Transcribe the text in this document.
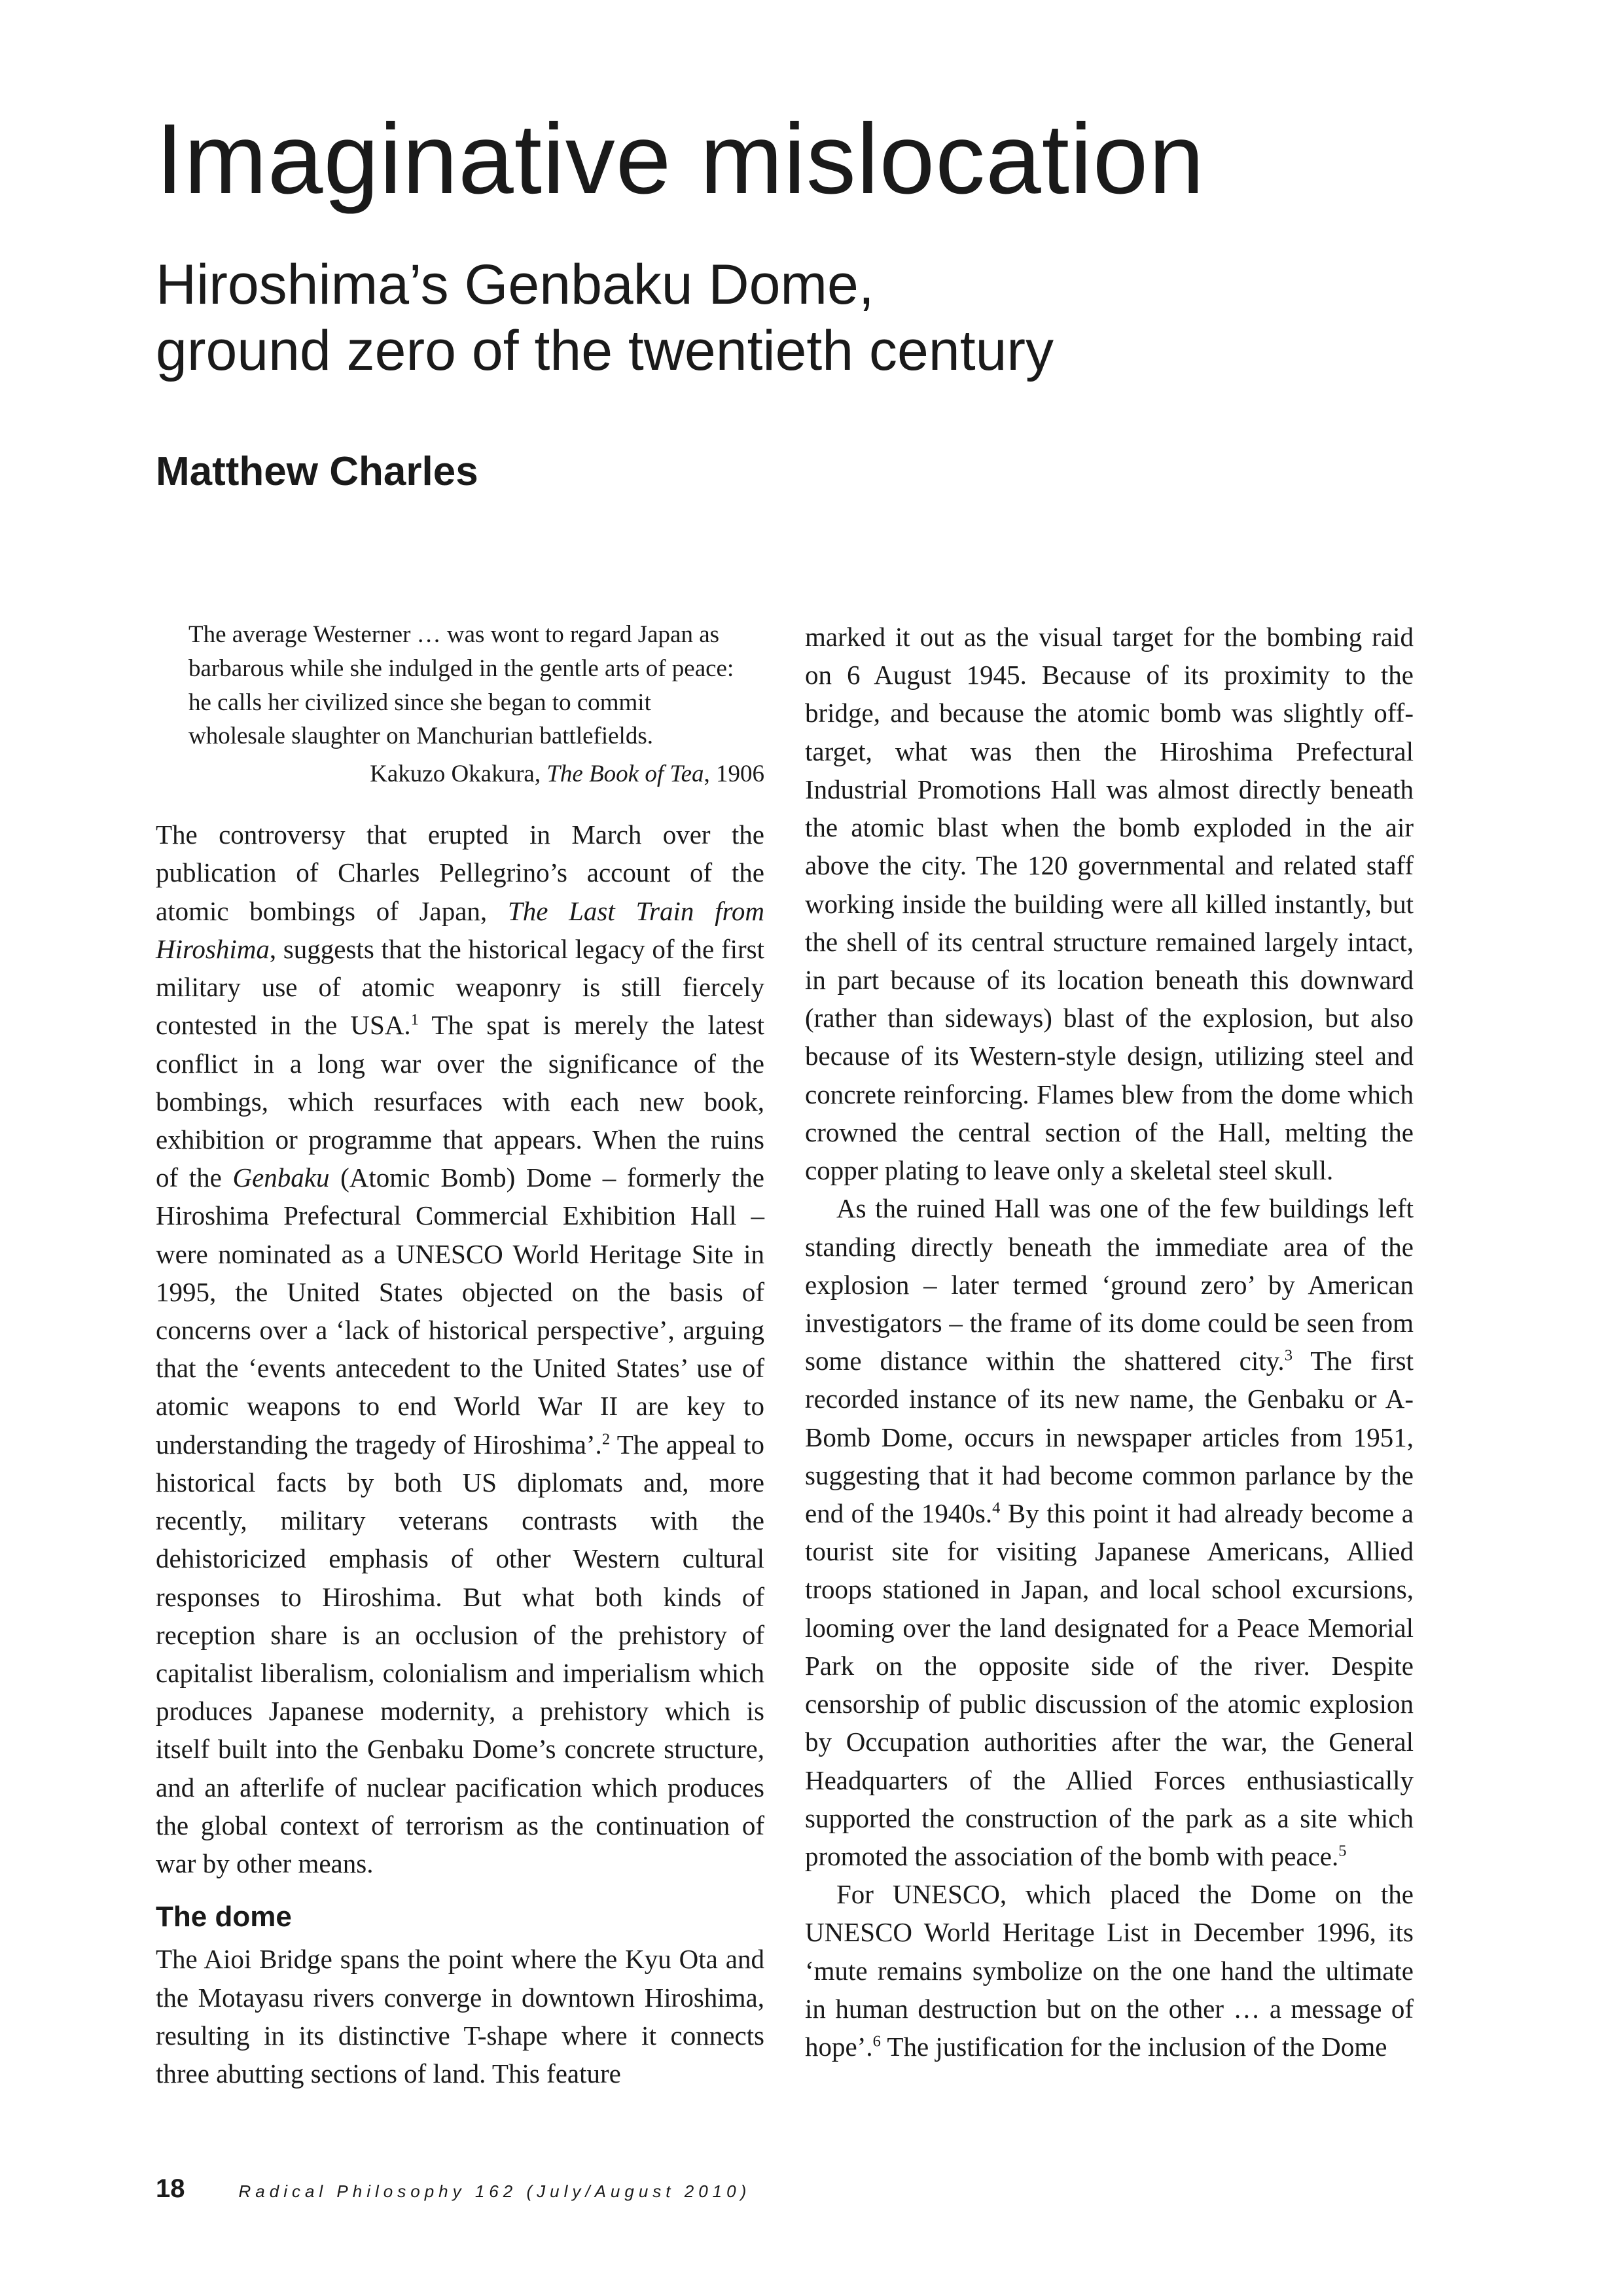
Imaginative mislocation
Hiroshima’s Genbaku Dome,
ground zero of the twentieth century
Matthew Charles

The average Westerner … was wont to regard Japan as barbarous while she indulged in the gentle arts of peace: he calls her civilized since she began to commit wholesale slaughter on Manchurian battlefields.

Kakuzo Okakura, The Book of Tea, 1906

The controversy that erupted in March over the publication of Charles Pellegrino’s account of the atomic bombings of Japan, The Last Train from Hiroshima, suggests that the historical legacy of the first military use of atomic weaponry is still fiercely contested in the USA.$^1$ The spat is merely the latest conflict in a long war over the significance of the bombings, which resurfaces with each new book, exhibition or programme that appears. When the ruins of the Genbaku (Atomic Bomb) Dome – formerly the Hiroshima Prefectural Commercial Exhibition Hall – were nominated as a UNESCO World Heritage Site in 1995, the United States objected on the basis of concerns over a ‘lack of historical perspective’, arguing that the ‘events antecedent to the United States’ use of atomic weapons to end World War II are key to understanding the tragedy of Hiroshima’.$^2$ The appeal to historical facts by both US diplomats and, more recently, military veterans contrasts with the dehistoricized emphasis of other Western cultural responses to Hiroshima. But what both kinds of reception share is an occlusion of the prehistory of capitalist liberalism, colonialism and imperialism which produces Japanese modernity, a prehistory which is itself built into the Genbaku Dome’s concrete structure, and an afterlife of nuclear pacification which produces the global context of terrorism as the continuation of war by other means.

The dome

The Aioi Bridge spans the point where the Kyu Ota and the Motayasu rivers converge in downtown Hiroshima, resulting in its distinctive T-shape where it connects three abutting sections of land. This feature

marked it out as the visual target for the bombing raid on 6 August 1945. Because of its proximity to the bridge, and because the atomic bomb was slightly off-target, what was then the Hiroshima Prefectural Industrial Promotions Hall was almost directly beneath the atomic blast when the bomb exploded in the air above the city. The 120 governmental and related staff working inside the building were all killed instantly, but the shell of its central structure remained largely intact, in part because of its location beneath this downward (rather than sideways) blast of the explosion, but also because of its Western-style design, utilizing steel and concrete reinforcing. Flames blew from the dome which crowned the central section of the Hall, melting the copper plating to leave only a skeletal steel skull.

As the ruined Hall was one of the few buildings left standing directly beneath the immediate area of the explosion – later termed ‘ground zero’ by American investigators – the frame of its dome could be seen from some distance within the shattered city.$^3$ The first recorded instance of its new name, the Genbaku or A-Bomb Dome, occurs in newspaper articles from 1951, suggesting that it had become common parlance by the end of the 1940s.$^4$ By this point it had already become a tourist site for visiting Japanese Americans, Allied troops stationed in Japan, and local school excursions, looming over the land designated for a Peace Memorial Park on the opposite side of the river. Despite censorship of public discussion of the atomic explosion by Occupation authorities after the war, the General Headquarters of the Allied Forces enthusiastically supported the construction of the park as a site which promoted the association of the bomb with peace.$^5$

For UNESCO, which placed the Dome on the UNESCO World Heritage List in December 1996, its ‘mute remains symbolize on the one hand the ultimate in human destruction but on the other … a message of hope’.$^6$ The justification for the inclusion of the Dome

18	Radical Philosophy 162 (July/August 2010)
